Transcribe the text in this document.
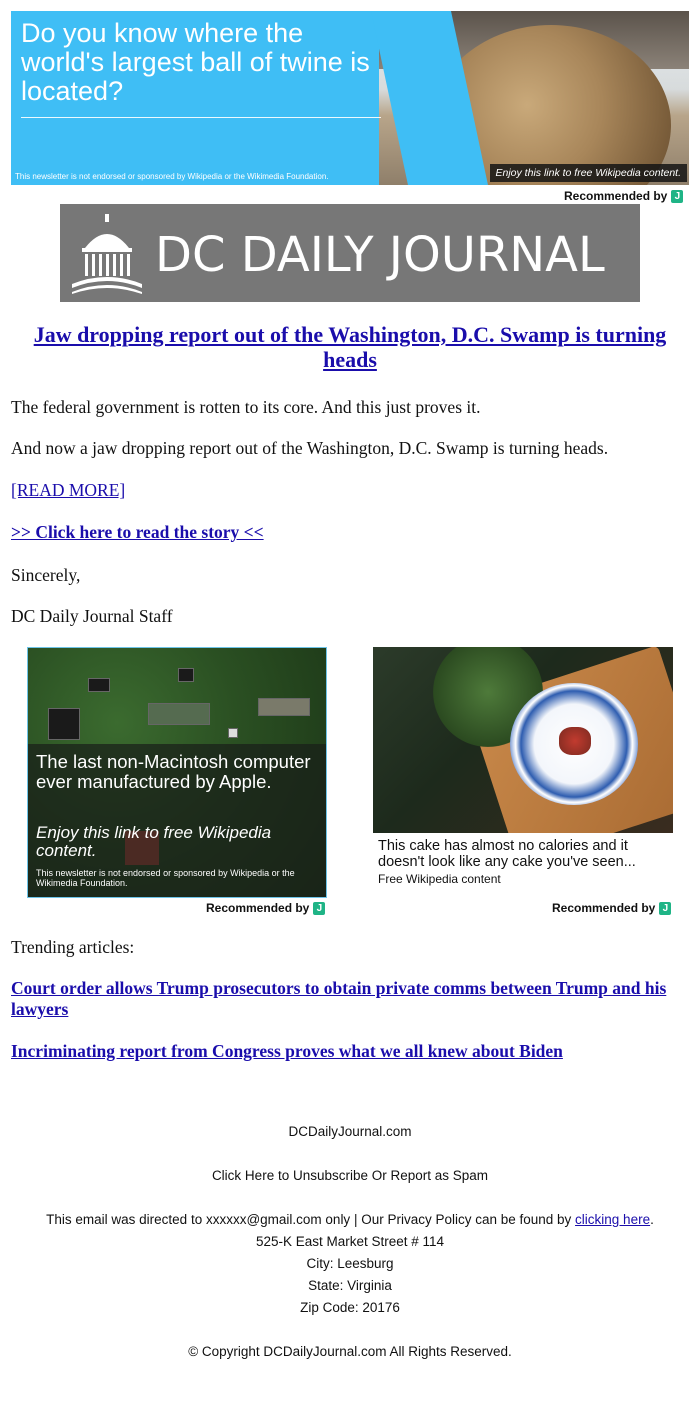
Do you know where the world's largest ball of twine is located?
This newsletter is not endorsed or sponsored by Wikipedia or the Wikimedia Foundation.	Enjoy this link to free Wikipedia content.
Recommended by J
DC DAILY JOURNAL
Jaw dropping report out of the Washington, D.C. Swamp is turning heads
The federal government is rotten to its core. And this just proves it.
And now a jaw dropping report out of the Washington, D.C. Swamp is turning heads.
[READ MORE]
>> Click here to read the story <<
Sincerely,
DC Daily Journal Staff
The last non-Macintosh computer ever manufactured by Apple.
Enjoy this link to free Wikipedia content.
This newsletter is not endorsed or sponsored by Wikipedia or the Wikimedia Foundation.
Recommended by J
This cake has almost no calories and it doesn't look like any cake you've seen...
Free Wikipedia content
Recommended by J
Trending articles:
Court order allows Trump prosecutors to obtain private comms between Trump and his lawyers
Incriminating report from Congress proves what we all knew about Biden
DCDailyJournal.com
Click Here to Unsubscribe Or Report as Spam
This email was directed to xxxxxx@gmail.com only | Our Privacy Policy can be found by clicking here.
525-K East Market Street # 114
City: Leesburg
State: Virginia
Zip Code: 20176
© Copyright DCDailyJournal.com All Rights Reserved.
